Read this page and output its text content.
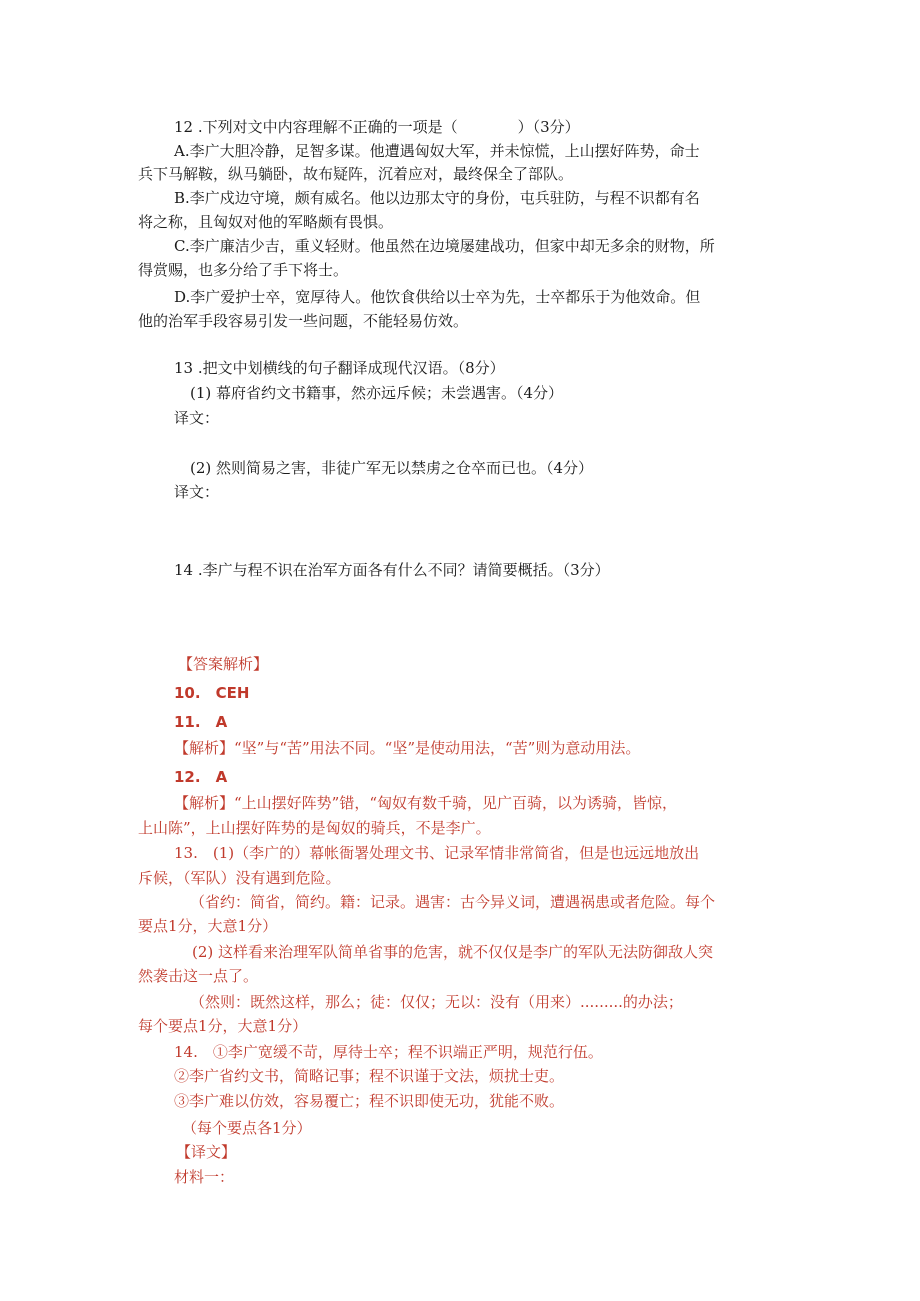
12 .下列对文中内容理解不正确的一项是（　　　　）（3分）
A.李广大胆冷静，足智多谋。他遭遇匈奴大军，并未惊慌，上山摆好阵势，命士
兵下马解鞍，纵马躺卧，故布疑阵，沉着应对，最终保全了部队。
B.李广戍边守境，颇有威名。他以边那太守的身份，屯兵驻防，与程不识都有名
将之称，且匈奴对他的军略颇有畏惧。
C.李广廉洁少吉，重义轻财。他虽然在边境屡建战功，但家中却无多余的财物，所
得赏赐，也多分给了手下将士。
D.李广爱护士卒，宽厚待人。他饮食供给以士卒为先，士卒都乐于为他效命。但
他的治军手段容易引发一些问题，不能轻易仿效。
13 .把文中划横线的句子翻译成现代汉语。（8分）
(1) 幕府省约文书籍事，然亦远斥候；未尝遇害。（4分）
译文：
(2) 然则简易之害，非徒广军无以禁虏之仓卒而已也。（4分）
译文：
14 .李广与程不识在治军方面各有什么不同？请简要概括。（3分）
【答案解析】
10.　CEH
11.　A
【解析】“坚”与“苦”用法不同。“坚”是使动用法，“苦”则为意动用法。
12.　A
【解析】“上山摆好阵势”错，“匈奴有数千骑，见广百骑，以为诱骑，皆惊，
上山陈”，上山摆好阵势的是匈奴的骑兵，不是李广。
13.　(1)（李广的）幕帐衙署处理文书、记录军情非常简省，但是也远远地放出
斥候，（军队）没有遇到危险。
（省约：简省，简约。籍：记录。遇害：古今异义词，遭遇祸患或者危险。每个
要点1分，大意1分）
(2) 这样看来治理军队简单省事的危害，就不仅仅是李广的军队无法防御敌人突
然袭击这一点了。
（然则：既然这样，那么；徒：仅仅；无以：没有（用来）.........的办法；
每个要点1分，大意1分）
14.　①李广宽缓不苛，厚待士卒；程不识端正严明，规范行伍。
②李广省约文书，简略记事；程不识谨于文法，烦扰士吏。
③李广难以仿效，容易覆亡；程不识即使无功，犹能不败。
（每个要点各1分）
【译文】
材料一：
